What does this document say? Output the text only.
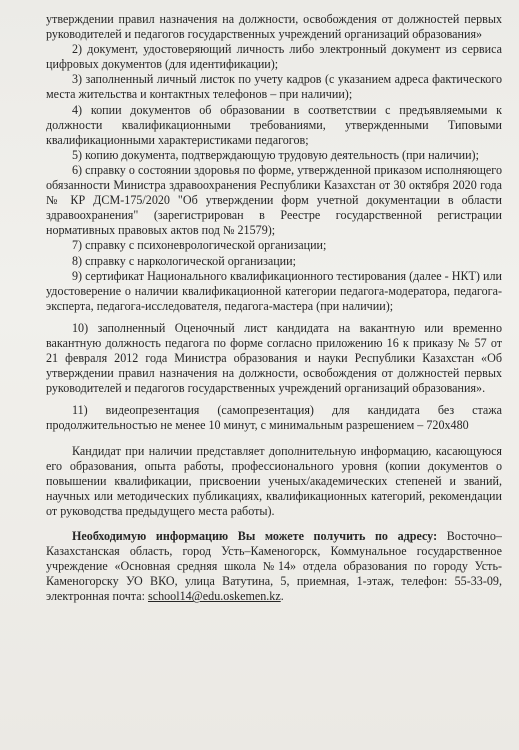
утверждении правил назначения на должности, освобождения от должностей первых руководителей и педагогов государственных учреждений организаций образования»

2) документ, удостоверяющий личность либо электронный документ из сервиса цифровых документов (для идентификации);

3) заполненный личный листок по учету кадров (с указанием адреса фактического места жительства и контактных телефонов – при наличии);

4) копии документов об образовании в соответствии с предъявляемыми к должности квалификационными требованиями, утвержденными Типовыми квалификационными характеристиками педагогов;

5) копию документа, подтверждающую трудовую деятельность (при наличии);

6) справку о состоянии здоровья по форме, утвержденной приказом исполняющего обязанности Министра здравоохранения Республики Казахстан от 30 октября 2020 года № КР ДСМ-175/2020 "Об утверждении форм учетной документации в области здравоохранения" (зарегистрирован в Реестре государственной регистрации нормативных правовых актов под № 21579);

7) справку с психоневрологической организации;

8) справку с наркологической организации;

9) сертификат Национального квалификационного тестирования (далее - НКТ) или удостоверение о наличии квалификационной категории педагога-модератора, педагога-эксперта, педагога-исследователя, педагога-мастера (при наличии);

10) заполненный Оценочный лист кандидата на вакантную или временно вакантную должность педагога по форме согласно приложению 16 к приказу № 57 от 21 февраля 2012 года Министра образования и науки Республики Казахстан «Об утверждении правил назначения на должности, освобождения от должностей первых руководителей и педагогов государственных учреждений организаций образования».

11) видеопрезентация (самопрезентация) для кандидата без стажа продолжительностью не менее 10 минут, с минимальным разрешением – 720x480

Кандидат при наличии представляет дополнительную информацию, касающуюся его образования, опыта работы, профессионального уровня (копии документов о повышении квалификации, присвоении ученых/академических степеней и званий, научных или методических публикациях, квалификационных категорий, рекомендации от руководства предыдущего места работы).

Необходимую информацию Вы можете получить по адресу: Восточно–Казахстанская область, город Усть–Каменогорск, Коммунальное государственное учреждение «Основная средняя школа №14» отдела образования по городу Усть-Каменогорску УО ВКО, улица Ватутина, 5, приемная, 1-этаж, телефон: 55-33-09, электронная почта: school14@edu.oskemen.kz.
